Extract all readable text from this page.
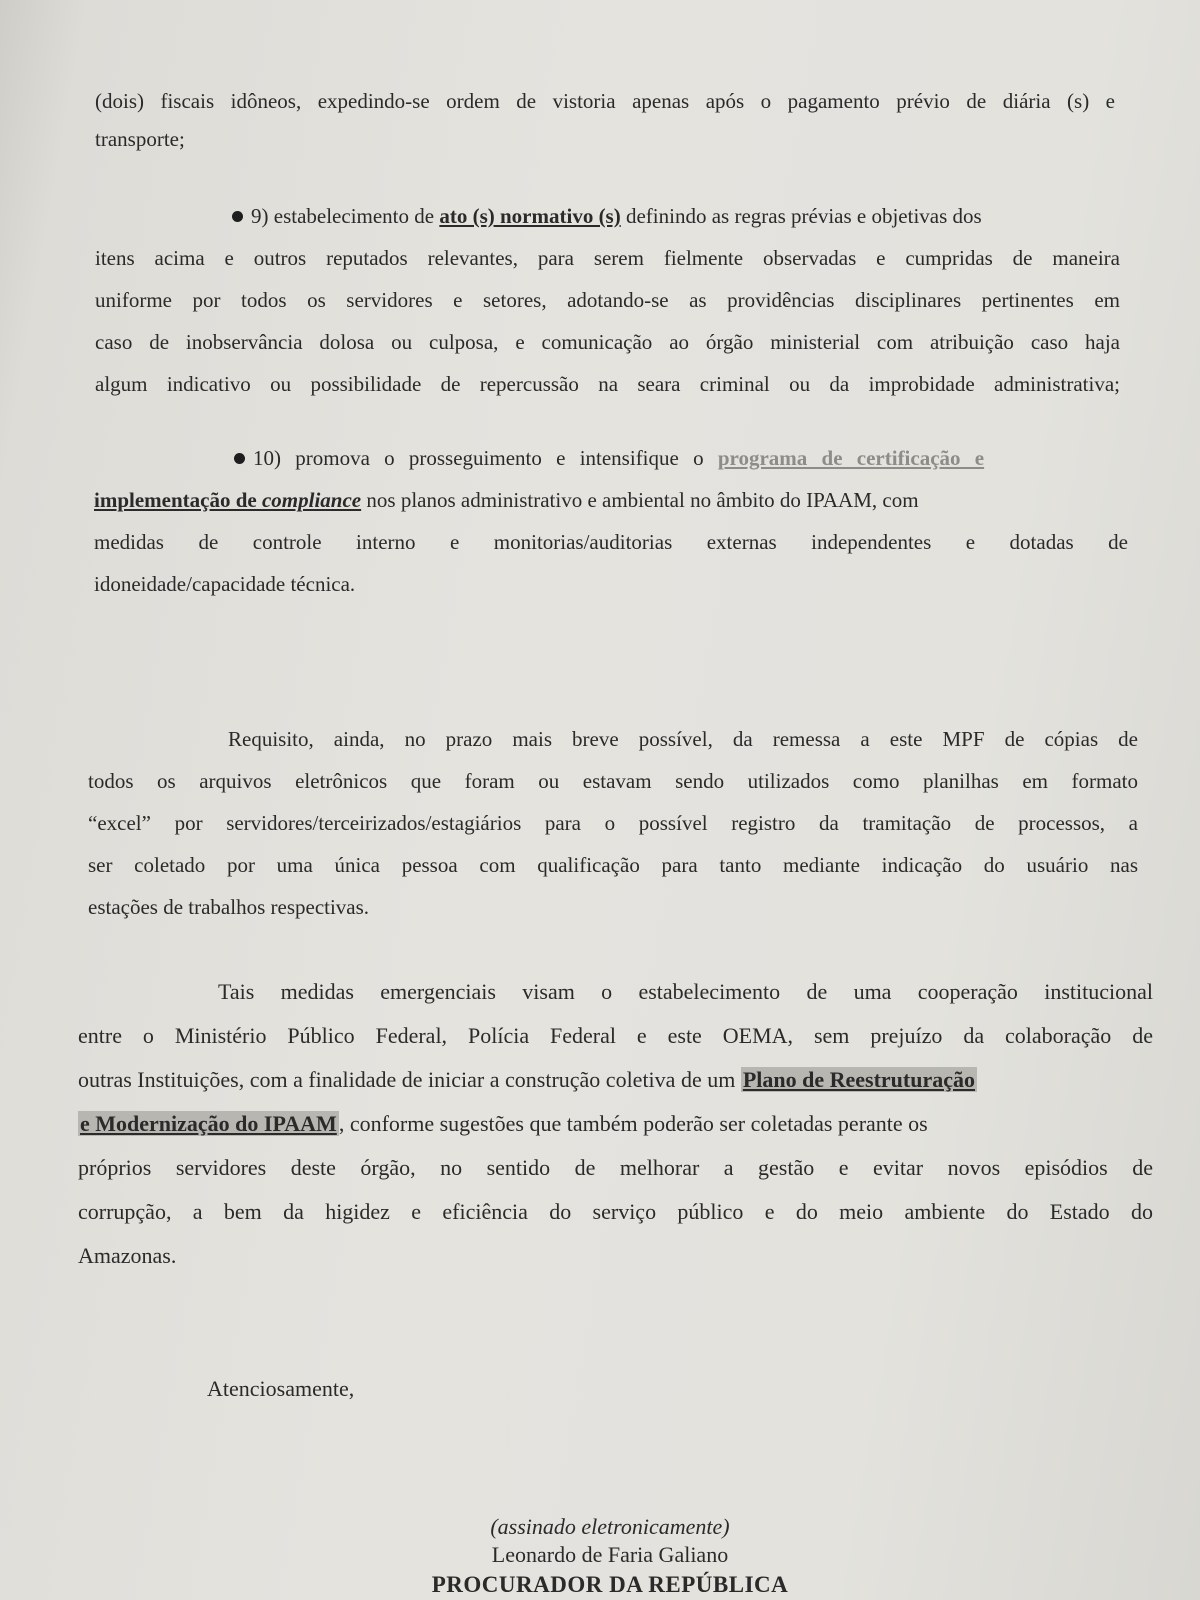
(dois) fiscais idôneos, expedindo-se ordem de vistoria apenas após o pagamento prévio de diária (s) e
transporte;
9) estabelecimento de ato (s) normativo (s) definindo as regras prévias e objetivas dos
itens acima e outros reputados relevantes, para serem fielmente observadas e cumpridas de maneira
uniforme por todos os servidores e setores, adotando-se as providências disciplinares pertinentes em
caso de inobservância dolosa ou culposa, e comunicação ao órgão ministerial com atribuição caso haja
algum indicativo ou possibilidade de repercussão na seara criminal ou da improbidade administrativa;
10) promova o prosseguimento e intensifique o programa de certificação e
implementação de compliance nos planos administrativo e ambiental no âmbito do IPAAM, com
medidas de controle interno e monitorias/auditorias externas independentes e dotadas de
idoneidade/capacidade técnica.
Requisito, ainda, no prazo mais breve possível, da remessa a este MPF de cópias de
todos os arquivos eletrônicos que foram ou estavam sendo utilizados como planilhas em formato
“excel” por servidores/terceirizados/estagiários para o possível registro da tramitação de processos, a
ser coletado por uma única pessoa com qualificação para tanto mediante indicação do usuário nas
estações de trabalhos respectivas.
Tais medidas emergenciais visam o estabelecimento de uma cooperação institucional
entre o Ministério Público Federal, Polícia Federal e este OEMA, sem prejuízo da colaboração de
outras Instituições, com a finalidade de iniciar a construção coletiva de um Plano de Reestruturação
e Modernização do IPAAM, conforme sugestões que também poderão ser coletadas perante os
próprios servidores deste órgão, no sentido de melhorar a gestão e evitar novos episódios de
corrupção, a bem da higidez e eficiência do serviço público e do meio ambiente do Estado do
Amazonas.
Atenciosamente,
(assinado eletronicamente)
Leonardo de Faria Galiano
PROCURADOR DA REPÚBLICA
